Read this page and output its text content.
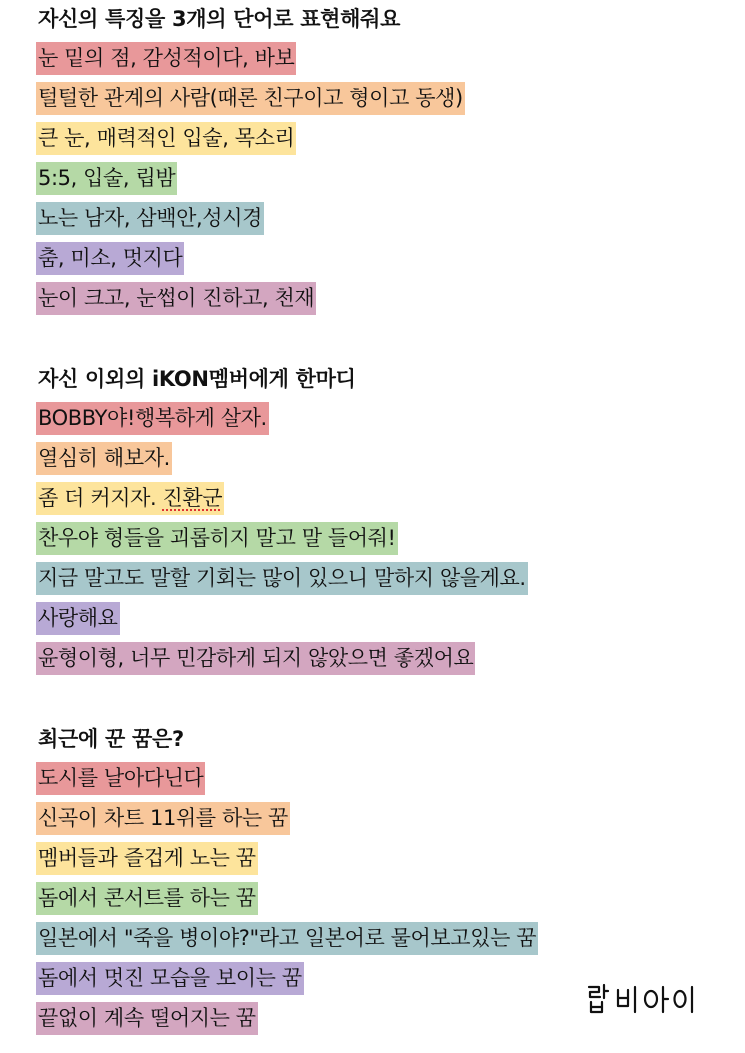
자신의 특징을 3개의 단어로 표현해줘요
눈 밑의 점, 감성적이다, 바보
털털한 관계의 사람(때론 친구이고 형이고 동생)
큰 눈, 매력적인 입술, 목소리
5:5, 입술, 립밤
노는 남자, 삼백안,성시경
춤, 미소, 멋지다
눈이 크고, 눈썹이 진하고, 천재
자신 이외의 iKON멤버에게 한마디
BOBBY야!행복하게 살자.
열심히 해보자.
좀 더 커지자. 진환군
찬우야 형들을 괴롭히지 말고 말 들어줘!
지금 말고도 말할 기회는 많이 있으니 말하지 않을게요.
사랑해요
윤형이형, 너무 민감하게 되지 않았으면 좋겠어요
최근에 꾼 꿈은?
도시를 날아다닌다
신곡이 차트 11위를 하는 꿈
멤버들과 즐겁게 노는 꿈
돔에서 콘서트를 하는 꿈
일본에서 "죽을 병이야?"라고 일본어로 물어보고있는 꿈
돔에서 멋진 모습을 보이는 꿈
끝없이 계속 떨어지는 꿈
